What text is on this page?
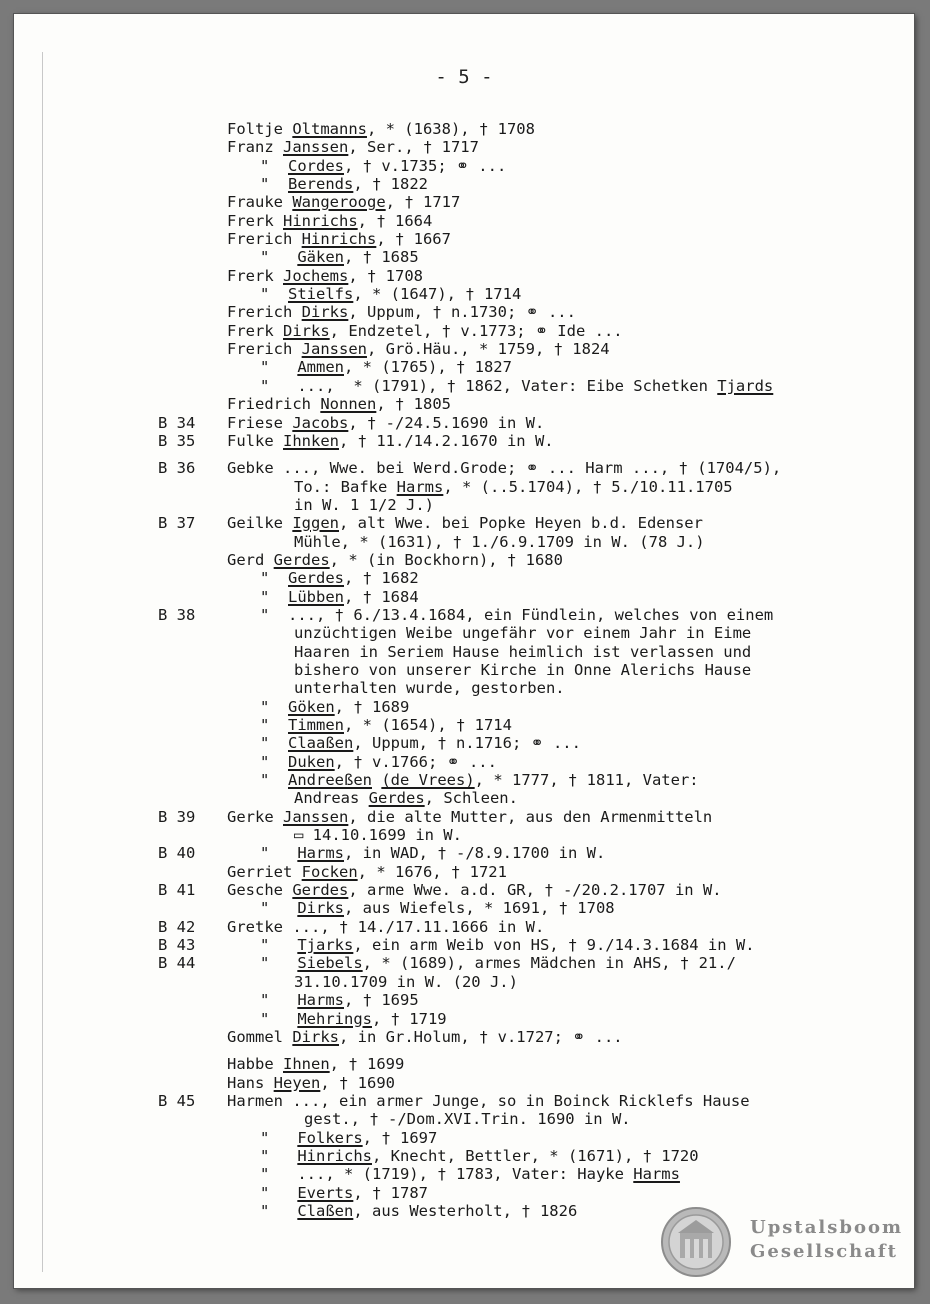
- 5 -
Foltje Oltmanns, * (1638), † 1708
Franz Janssen, Ser., † 1717
"  Cordes, † v.1735; ⚭ ...
"  Berends, † 1822
Frauke Wangerooge, † 1717
Frerk Hinrichs, † 1664
Frerich Hinrichs, † 1667
"   Gäken, † 1685
Frerk Jochems, † 1708
"  Stielfs, * (1647), † 1714
Frerich Dirks, Uppum, † n.1730; ⚭ ...
Frerk Dirks, Endzetel, † v.1773; ⚭ Ide ...
Frerich Janssen, Grö.Häu., * 1759, † 1824
"   Ammen, * (1765), † 1827
"   ...,  * (1791), † 1862, Vater: Eibe Schetken Tjards
Friedrich Nonnen, † 1805
B 34 Friese Jacobs, † -/24.5.1690 in W.
B 35 Fulke Ihnken, † 11./14.2.1670 in W.
B 36 Gebke ..., Wwe. bei Werd.Grode; ⚭ ... Harm ..., † (1704/5),
To.: Bafke Harms, * (..5.1704), † 5./10.11.1705
in W. 1 1/2 J.)
B 37 Geilke Iggen, alt Wwe. bei Popke Heyen b.d. Edenser
Mühle, * (1631), † 1./6.9.1709 in W. (78 J.)
Gerd Gerdes, * (in Bockhorn), † 1680
"  Gerdes, † 1682
"  Lübben, † 1684
B 38	"  ..., † 6./13.4.1684, ein Fündlein, welches von einem
unzüchtigen Weibe ungefähr vor einem Jahr in Eime
Haaren in Seriem Hause heimlich ist verlassen und
bishero von unserer Kirche in Onne Alerichs Hause
unterhalten wurde, gestorben.
"  Göken, † 1689
"  Timmen, * (1654), † 1714
"  Claaßen, Uppum, † n.1716; ⚭ ...
"  Duken, † v.1766; ⚭ ...
"  Andreeßen (de Vrees), * 1777, † 1811, Vater:
Andreas Gerdes, Schleen.
B 39 Gerke Janssen, die alte Mutter, aus den Armenmitteln
▭ 14.10.1699 in W.
B 40	"   Harms, in WAD, † -/8.9.1700 in W.
Gerriet Focken, * 1676, † 1721
B 41 Gesche Gerdes, arme Wwe. a.d. GR, † -/20.2.1707 in W.
"   Dirks, aus Wiefels, * 1691, † 1708
B 42 Gretke ..., † 14./17.11.1666 in W.
B 43	"   Tjarks, ein arm Weib von HS, † 9./14.3.1684 in W.
B 44	"   Siebels, * (1689), armes Mädchen in AHS, † 21./
31.10.1709 in W. (20 J.)
"   Harms, † 1695
"   Mehrings, † 1719
Gommel Dirks, in Gr.Holum, † v.1727; ⚭ ...
Habbe Ihnen, † 1699
Hans Heyen, † 1690
B 45 Harmen ..., ein armer Junge, so in Boinck Ricklefs Hause
gest., † -/Dom.XVI.Trin. 1690 in W.
"   Folkers, † 1697
"   Hinrichs, Knecht, Bettler, * (1671), † 1720
"   ..., * (1719), † 1783, Vater: Hayke Harms
"   Everts, † 1787
"   Claßen, aus Westerholt, † 1826
Upstalsboom
Gesellschaft
